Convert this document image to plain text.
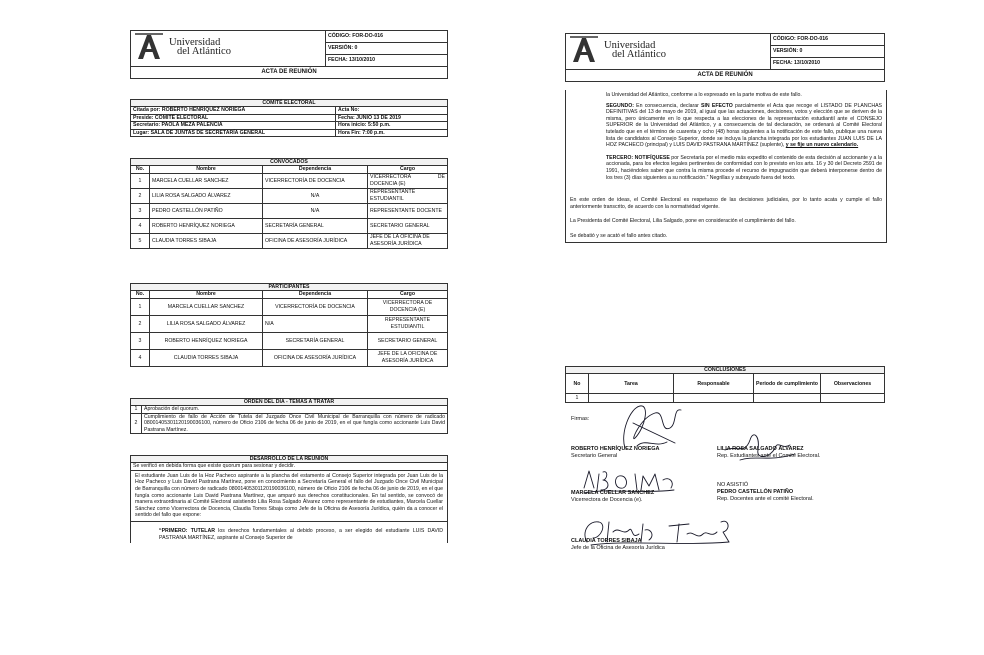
Universidad
del Atlántico
	CÓDIGO: FOR-DO-016
VERSIÓN: 0
FECHA: 13/10/2010
ACTA DE REUNIÓN
COMITÉ ELECTORAL	
Citada por: ROBERTO HENRÍQUEZ NORIEGA	Acta No:
Preside: COMITÉ ELECTORAL	Fecha: JUNIO 13 DE 2019
Secretario: PAOLA MEZA PALENCIA	Hora inicio: 5:50 p.m.
Lugar: SALA DE JUNTAS DE SECRETARÍA GENERAL	Hora Fin: 7:00 p.m.
CONVOCADOS			
No.	Nombre	Dependencia	Cargo
1	MARCELA CUELLAR SANCHEZ	VICERRECTORÍA DE DOCENCIA	VICERRECTORA DE DOCENCIA (E)
2	LILIA ROSA SALGADO ÁLVAREZ	N/A	REPRESENTANTE ESTUDIANTIL
3	PEDRO CASTELLÓN PATIÑO	N/A	REPRESENTANTE DOCENTE
4	ROBERTO HENRÍQUEZ NORIEGA	SECRETARÍA GENERAL	SECRETARIO GENERAL
5	CLAUDIA TORRES SIBAJA	OFICINA DE ASESORÍA JURÍDICA	JEFE DE LA OFICINA DE ASESORÍA JURÍDICA
PARTICIPANTES			
No.	Nombre	Dependencia	Cargo
1	MARCELA CUELLAR SANCHEZ	VICERRECTORÍA DE DOCENCIA	VICERRECTORA DE DOCENCIA (E)
2	LILIA ROSA SALGADO ÁLVAREZ	N/A	REPRESENTANTE ESTUDIANTIL
3	ROBERTO HENRÍQUEZ NORIEGA	SECRETARÍA GENERAL	SECRETARIO GENERAL
4	CLAUDIA TORRES SIBAJA	OFICINA DE ASESORÍA JURÍDICA	JEFE DE LA OFICINA DE ASESORÍA JURÍDICA
ORDEN DEL DÍA - TEMAS A TRATAR	
1	Aprobación del quorum.
2	Cumplimiento de fallo de Acción de Tutela del Juzgado Once Civil Municipal de Barranquilla con número de radicado 08001405301120190036100, número de Oficio 2106 de fecha 06 de junio de 2019, en el que fungía como accionante Luis David Pastrana Martínez.
DESARROLLO DE LA REUNIÓN
Se verificó en debida forma que existe quorum para sesionar y decidir.
El estudiante Juan Luis de la Hoz Pacheco aspirante a la plancha del estamento al Consejo Superior integrada por Juan Luis de la Hoz Pacheco y Luis David Pastrana Martínez, pone en conocimiento a Secretaría General el fallo del Juzgado Once Civil Municipal de Barranquilla con número de radicado 08001405301120190036100, número de Oficio 2106 de fecha 06 de junio de 2019, en el que fungía como accionante Luis David Pastrana Martínez, que amparó sus derechos constitucionales. En tal sentido, se convocó de manera extraordinaria al Comité Electoral asistiendo Lilia Rosa Salgado Álvarez como representante de estudiantes, Marcela Cuellar Sánchez como Vicerrectora de Docencia, Claudia Torres Sibaja como Jefe de la Oficina de Asesoría Jurídica, quién da a conocer el sentido del fallo que expone:
“PRIMERO: TUTELAR los derechos fundamentales al debido proceso, a ser elegido del estudiante LUIS DAVID PASTRANA MARTÍNEZ, aspirante al Consejo Superior de
Universidad
del Atlántico
	CÓDIGO: FOR-DO-016
VERSIÓN: 0
FECHA: 13/10/2010
ACTA DE REUNIÓN
la Universidad del Atlántico, conforme a lo expresado en la parte motiva de este fallo.
SEGUNDO: En consecuencia, declarar SIN EFECTO parcialmente el Acta que recoge el LISTADO DE PLANCHAS DEFINITIVAS del 13 de mayo de 2019, al igual que las actuaciones, decisiones, votos y elección que se deriven de la misma, pero únicamente en lo que respecta a las elecciones de la representación estudiantil ante el CONSEJO SUPERIOR de la Universidad del Atlántico, y a consecuencia de tal declaración, se ordenará al Comité Electoral tutelado que en el término de cuarenta y ocho (48) horas siguientes a la notificación de este fallo, publique una nueva lista de candidatos al Consejo Superior, donde se incluya la plancha integrada por los estudiantes JUAN LUIS DE LA HOZ PACHECO (principal) y LUIS DAVID PASTRANA MARTÍNEZ (suplente), y se fije un nuevo calendario.
TERCERO: NOTIFÍQUESE por Secretaría por el medio más expedito el contenido de esta decisión al accionante y a la accionada, para los efectos legales pertinentes de conformidad con lo previsto en los arts. 16 y 30 del Decreto 2591 de 1991, haciéndoles saber que contra la misma procede el recurso de impugnación que deberá interponerse dentro de los tres (3) días siguientes a su notificación.” Negrillas y subrayado fuera del texto.
En este orden de ideas, el Comité Electoral es respetuoso de las decisiones judiciales, por lo tanto acata y cumple el fallo anteriormente transcrito, de acuerdo con la normatividad vigente.
La Presidenta del Comité Electoral, Lilia Salgado, pone en consideración el cumplimiento del fallo.
Se debatió y se acató el fallo antes citado.
CONCLUSIONES				
No	Tarea	Responsable	Periodo de cumplimiento	Observaciones
1				
Firmas:
ROBERTO HENRÍQUEZ NORIEGA
Secretario General
LILIA ROSA SALGADO ÁLVAREZ
Rep. Estudiantes ante el Comité Electoral.
MARCELA CUELLAR SANCHEZ
Vicerrectora de Docencia (e).
NO ASISTIÓ
PEDRO CASTELLÓN PATIÑO
Rep. Docentes ante el comité Electoral.
CLAUDIA TORRES SIBAJA
Jefe de la Oficina de Asesoría Jurídica
